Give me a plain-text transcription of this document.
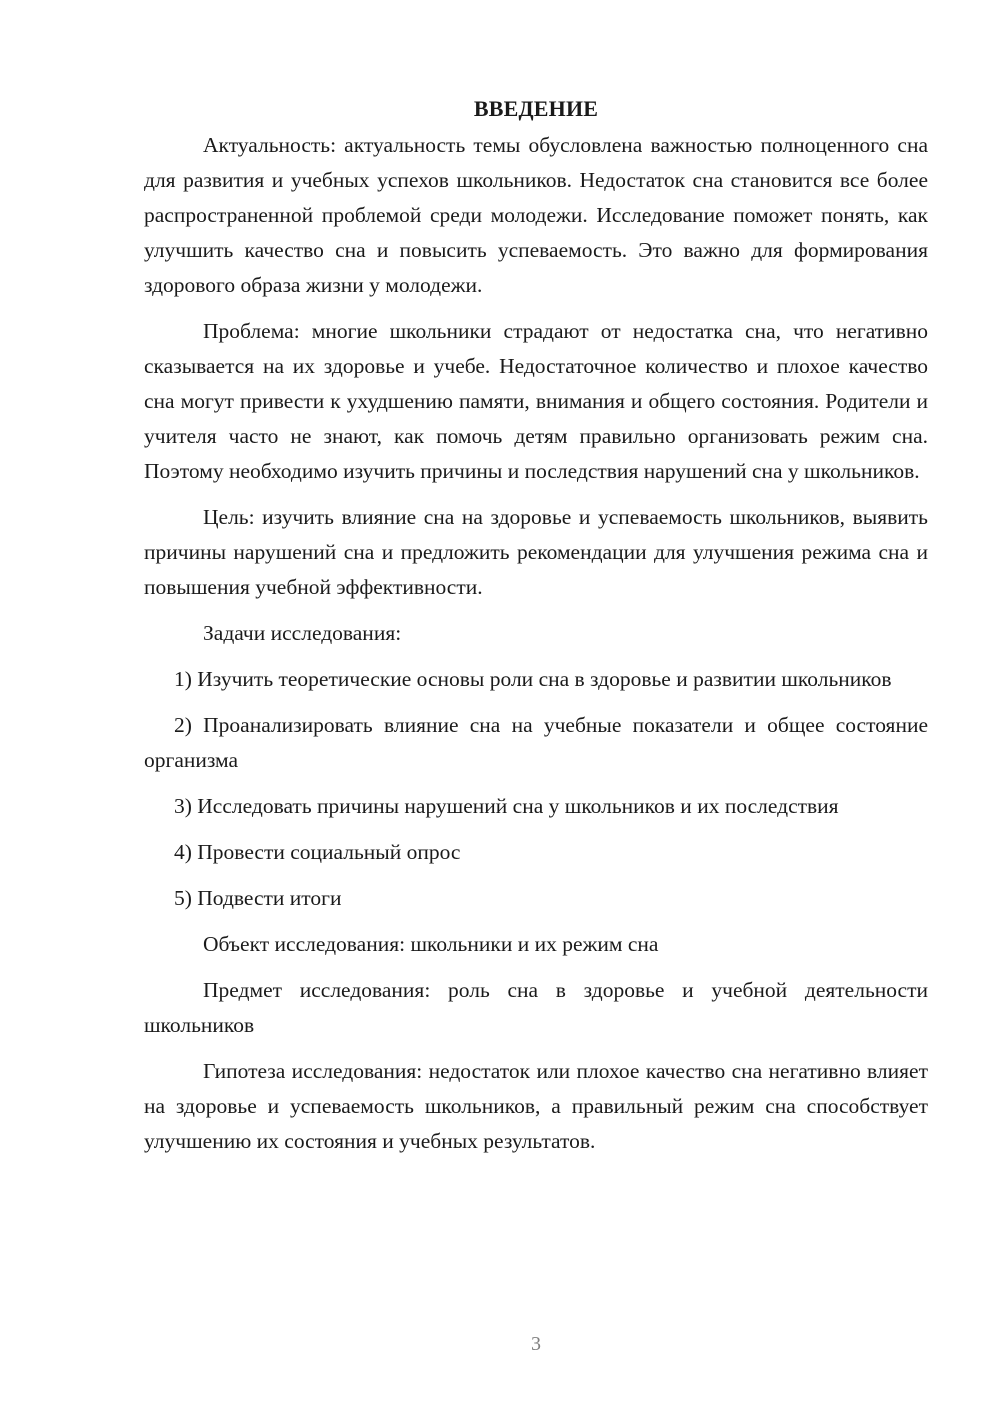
ВВЕДЕНИЕ

Актуальность: актуальность темы обусловлена важностью полноценного сна для развития и учебных успехов школьников. Недостаток сна становится все более распространенной проблемой среди молодежи. Исследование поможет понять, как улучшить качество сна и повысить успеваемость. Это важно для формирования здорового образа жизни у молодежи.

Проблема: многие школьники страдают от недостатка сна, что негативно сказывается на их здоровье и учебе. Недостаточное количество и плохое качество сна могут привести к ухудшению памяти, внимания и общего состояния. Родители и учителя часто не знают, как помочь детям правильно организовать режим сна. Поэтому необходимо изучить причины и последствия нарушений сна у школьников.

Цель: изучить влияние сна на здоровье и успеваемость школьников, выявить причины нарушений сна и предложить рекомендации для улучшения режима сна и повышения учебной эффективности.

Задачи исследования:

1) Изучить теоретические основы роли сна в здоровье и развитии школьников

2) Проанализировать влияние сна на учебные показатели и общее состояние организма

3) Исследовать причины нарушений сна у школьников и их последствия

4) Провести социальный опрос

5) Подвести итоги

Объект исследования: школьники и их режим сна

Предмет исследования: роль сна в здоровье и учебной деятельности школьников

Гипотеза исследования: недостаток или плохое качество сна негативно влияет на здоровье и успеваемость школьников, а правильный режим сна способствует улучшению их состояния и учебных результатов.

3
